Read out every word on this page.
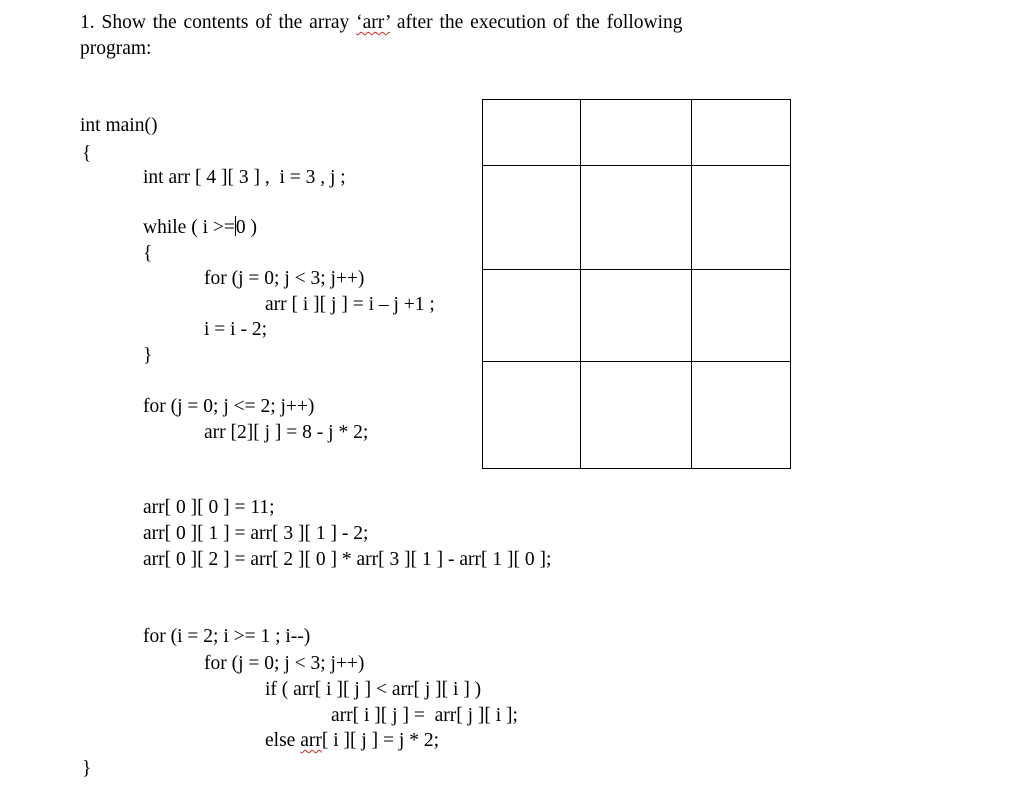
1. Show the contents of the array ‘arr’ after the execution of the following program:
int main()
{
int arr [ 4 ][ 3 ] ,  i = 3 , j ;
while ( i >=0 )
{
for (j = 0; j < 3; j++)
arr [ i ][ j ] = i – j +1 ;
i = i - 2;
}
for (j = 0; j <= 2; j++)
arr [2][ j ] = 8 - j * 2;
arr[ 0 ][ 0 ] = 11;
arr[ 0 ][ 1 ] = arr[ 3 ][ 1 ] - 2;
arr[ 0 ][ 2 ] = arr[ 2 ][ 0 ] * arr[ 3 ][ 1 ] - arr[ 1 ][ 0 ];
for (i = 2; i >= 1 ; i--)
for (j = 0; j < 3; j++)
if ( arr[ i ][ j ] < arr[ j ][ i ] )
arr[ i ][ j ] =  arr[ j ][ i ];
else arr[ i ][ j ] = j * 2;
}
